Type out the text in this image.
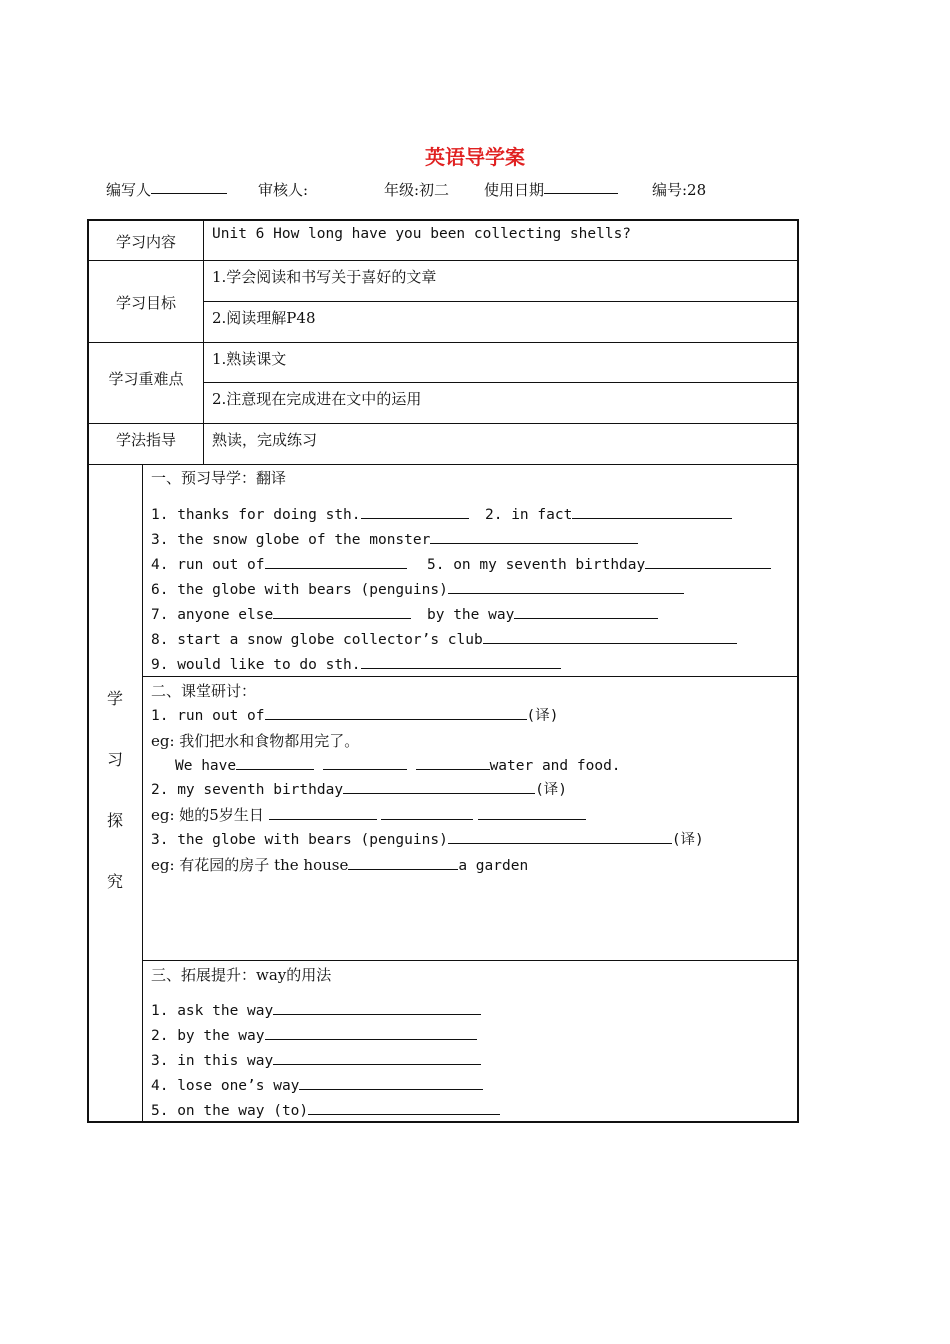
英语导学案
编写人	审核人:	年级:初二 使用日期	编号:28
学习内容	Unit 6 How long have you been collecting shells?
学习目标
1.学会阅读和书写关于喜好的文章
2.阅读理解P48
学习重难点
1.熟读课文
2.注意现在完成进在文中的运用
学法指导	熟读，完成练习
学
习
探
究
一、预习导学：翻译
1. thanks for doing sth.	2. in fact
3. the snow globe of the monster
4. run out of	5. on my seventh birthday
6. the globe with bears (penguins)
7. anyone else	by the way
8. start a snow globe collector’s club
9. would like to do sth.
二、课堂研讨：
1. run out of	(译)
eg: 我们把水和食物都用完了。
We have	water and food.
2. my seventh birthday	(译)
eg: 她的5岁生日
3. the globe with bears (penguins)	(译)
eg: 有花园的房子 the house	a garden
三、拓展提升：way的用法
1. ask the way
2. by the way
3. in this way
4. lose one’s way
5. on the way (to)
